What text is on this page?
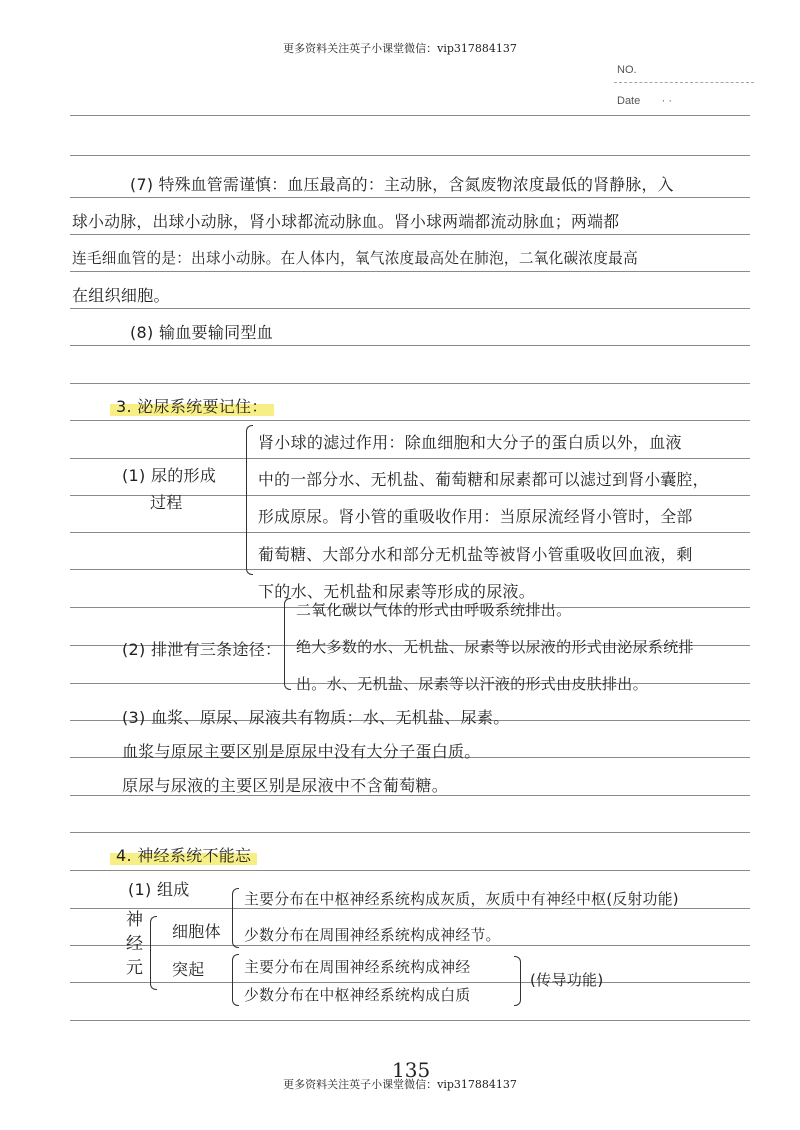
更多资料关注英子小课堂微信：vip317884137
NO.
Date · ·
(7) 特殊血管需谨慎：血压最高的：主动脉，含氮废物浓度最低的肾静脉，入
球小动脉，出球小动脉，肾小球都流动脉血。肾小球两端都流动脉血；两端都
连毛细血管的是：出球小动脉。在人体内，氧气浓度最高处在肺泡，二氧化碳浓度最高
在组织细胞。
(8) 输血要输同型血
3. 泌尿系统要记住：
(1) 尿的形成
过程
肾小球的滤过作用：除血细胞和大分子的蛋白质以外，血液
中的一部分水、无机盐、葡萄糖和尿素都可以滤过到肾小囊腔，
形成原尿。肾小管的重吸收作用：当原尿流经肾小管时，全部
葡萄糖、大部分水和部分无机盐等被肾小管重吸收回血液，剩
下的水、无机盐和尿素等形成的尿液。
(2) 排泄有三条途径：
二氧化碳以气体的形式由呼吸系统排出。
绝大多数的水、无机盐、尿素等以尿液的形式由泌尿系统排
出。水、无机盐、尿素等以汗液的形式由皮肤排出。
(3) 血浆、原尿、尿液共有物质：水、无机盐、尿素。
血浆与原尿主要区别是原尿中没有大分子蛋白质。
原尿与尿液的主要区别是尿液中不含葡萄糖。
4. 神经系统不能忘
(1) 组成
神
经
元
细胞体
主要分布在中枢神经系统构成灰质，灰质中有神经中枢(反射功能)
少数分布在周围神经系统构成神经节。
突起	主要分布在周围神经系统构成神经
少数分布在中枢神经系统构成白质
(传导功能)
135
更多资料关注英子小课堂微信：vip317884137
